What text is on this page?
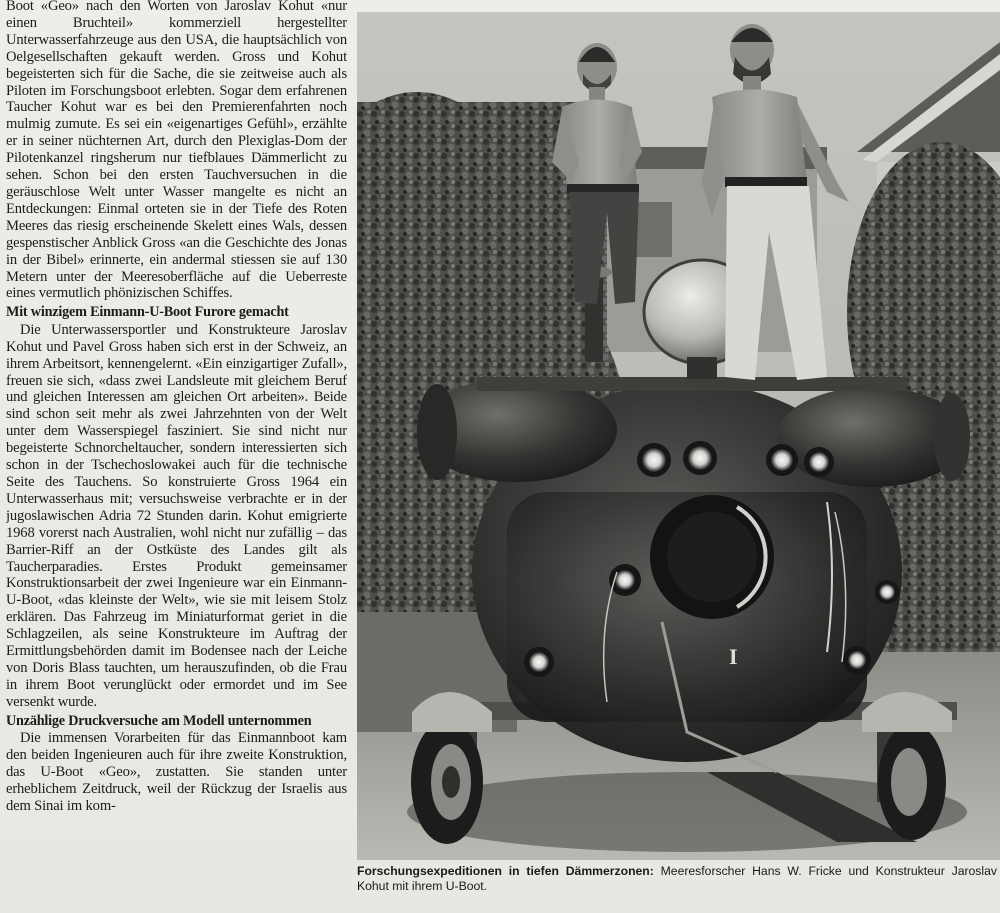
Boot «Geo» nach den Worten von Jaroslav Kohut «nur einen Bruchteil» kommerziell hergestellter Unterwasserfahrzeuge aus den USA, die hauptsächlich von Oelgesellschaften gekauft werden. Gross und Kohut begeisterten sich für die Sache, die sie zeitweise auch als Piloten im Forschungsboot erlebten. Sogar dem erfahrenen Taucher Kohut war es bei den Premierenfahrten noch mulmig zumute. Es sei ein «eigenartiges Gefühl», erzählte er in seiner nüchternen Art, durch den Plexiglas-Dom der Pilotenkanzel ringsherum nur tiefblaues Dämmerlicht zu sehen. Schon bei den ersten Tauchversuchen in die geräuschlose Welt unter Wasser mangelte es nicht an Entdeckungen: Einmal orteten sie in der Tiefe des Roten Meeres das riesig erscheinende Skelett eines Wals, dessen gespenstischer Anblick Gross «an die Geschichte des Jonas in der Bibel» erinnerte, ein andermal stiessen sie auf 130 Metern unter der Meeresoberfläche auf die Ueberreste eines vermutlich phönizischen Schiffes.

Mit winzigem Einmann-U-Boot Furore gemacht

Die Unterwassersportler und Konstrukteure Jaroslav Kohut und Pavel Gross haben sich erst in der Schweiz, an ihrem Arbeitsort, kennengelernt. «Ein einzigartiger Zufall», freuen sie sich, «dass zwei Landsleute mit gleichem Beruf und gleichen Interessen am gleichen Ort arbeiten». Beide sind schon seit mehr als zwei Jahrzehnten von der Welt unter dem Wasserspiegel fasziniert. Sie sind nicht nur begeisterte Schnorcheltaucher, sondern interessierten sich schon in der Tschechoslowakei auch für die technische Seite des Tauchens. So konstruierte Gross 1964 ein Unterwasserhaus mit; versuchsweise verbrachte er in der jugoslawischen Adria 72 Stunden darin. Kohut emigrierte 1968 vorerst nach Australien, wohl nicht nur zufällig – das Barrier-Riff an der Ostküste des Landes gilt als Taucherparadies. Erstes Produkt gemeinsamer Konstruktionsarbeit der zwei Ingenieure war ein Einmann-U-Boot, «das kleinste der Welt», wie sie mit leisem Stolz erklären. Das Fahrzeug im Miniaturformat geriet in die Schlagzeilen, als seine Konstrukteure im Auftrag der Ermittlungsbehörden damit im Bodensee nach der Leiche von Doris Blass tauchten, um herauszufinden, ob die Frau in ihrem Boot verunglückt oder ermordet und im See versenkt wurde.

Unzählige Druckversuche am Modell unternommen

Die immensen Vorarbeiten für das Einmannboot kam den beiden Ingenieuren auch für ihre zweite Konstruktion, das U-Boot «Geo», zustatten. Sie standen unter erheblichem Zeitdruck, weil der Rückzug der Israelis aus dem Sinai im kom-

I
Forschungsexpeditionen in tiefen Dämmerzonen: Meeresforscher Hans W. Fricke und Konstrukteur Jaroslav Kohut mit ihrem U-Boot.
